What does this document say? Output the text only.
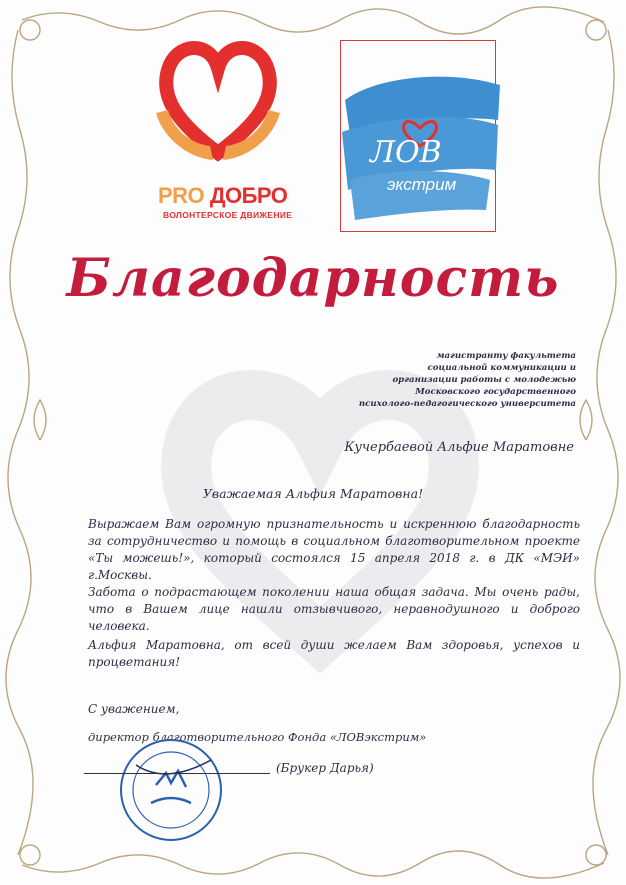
PRO ДОБРО
ВОЛОНТЕРСКОЕ ДВИЖЕНИЕ
ЛОВ
экстрим
Благодарность
магистранту факультета
социальной коммуникации и
организации работы с молодежью
Московского государственного
психолого-педагогического университета
Кучербаевой Альфие Маратовне
Уважаемая Альфия Маратовна!
Выражаем Вам огромную признательность и искреннюю благодарность за сотрудничество и помощь в социальном благотворительном проекте «Ты можешь!», который состоялся 15 апреля 2018 г. в ДК «МЭИ» г.Москвы.
Забота о подрастающем поколении наша общая задача. Мы очень рады, что в Вашем лице нашли отзывчивого, неравнодушного и доброго человека.
Альфия Маратовна, от всей души желаем Вам здоровья, успехов и процветания!
С уважением,
директор благотворительного Фонда «ЛОВэкстрим»
(Брукер Дарья)
